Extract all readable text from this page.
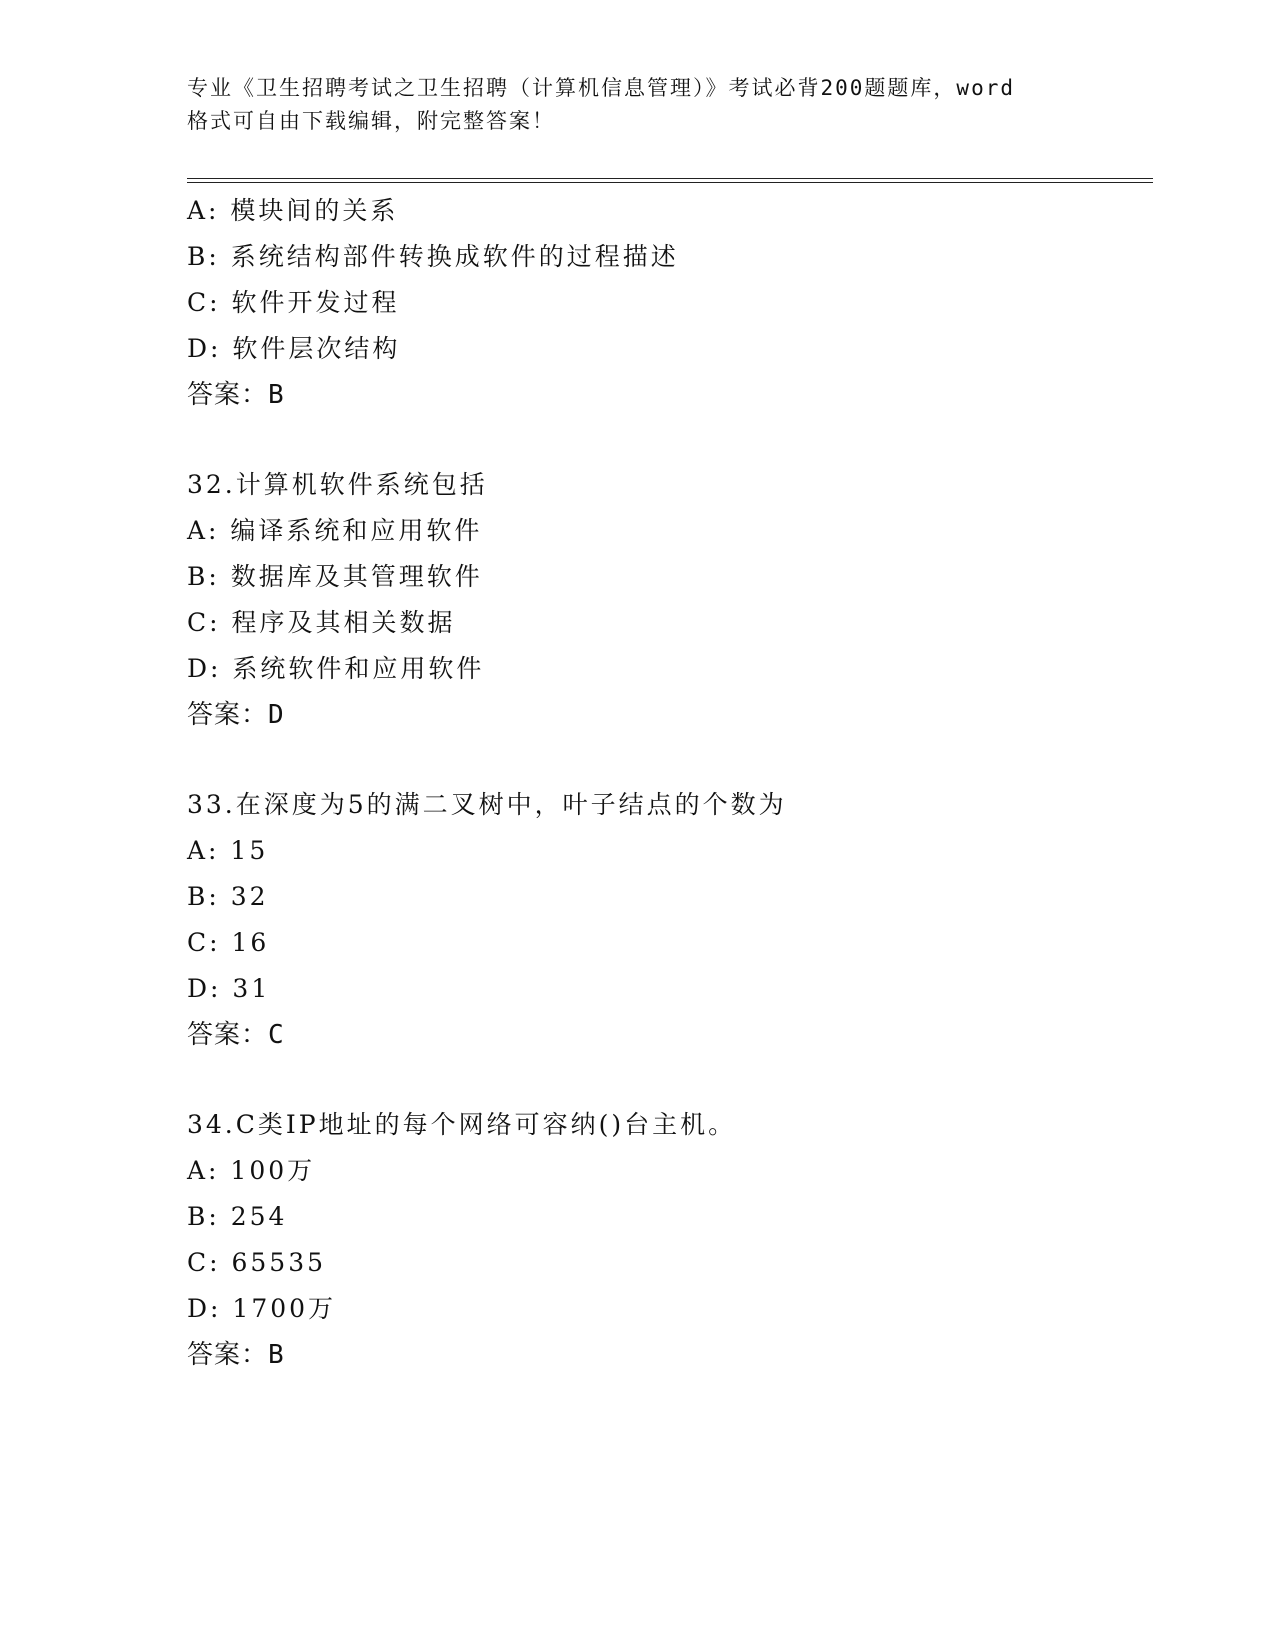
专业《卫生招聘考试之卫生招聘（计算机信息管理）》考试必背200题题库，word
格式可自由下载编辑，附完整答案！
A: 模块间的关系
B: 系统结构部件转换成软件的过程描述
C: 软件开发过程
D: 软件层次结构
答案：B
32.计算机软件系统包括
A: 编译系统和应用软件
B: 数据库及其管理软件
C: 程序及其相关数据
D: 系统软件和应用软件
答案：D
33.在深度为5的满二叉树中，叶子结点的个数为
A: 15
B: 32
C: 16
D: 31
答案：C
34.C类IP地址的每个网络可容纳()台主机。
A: 100万
B: 254
C: 65535
D: 1700万
答案：B
